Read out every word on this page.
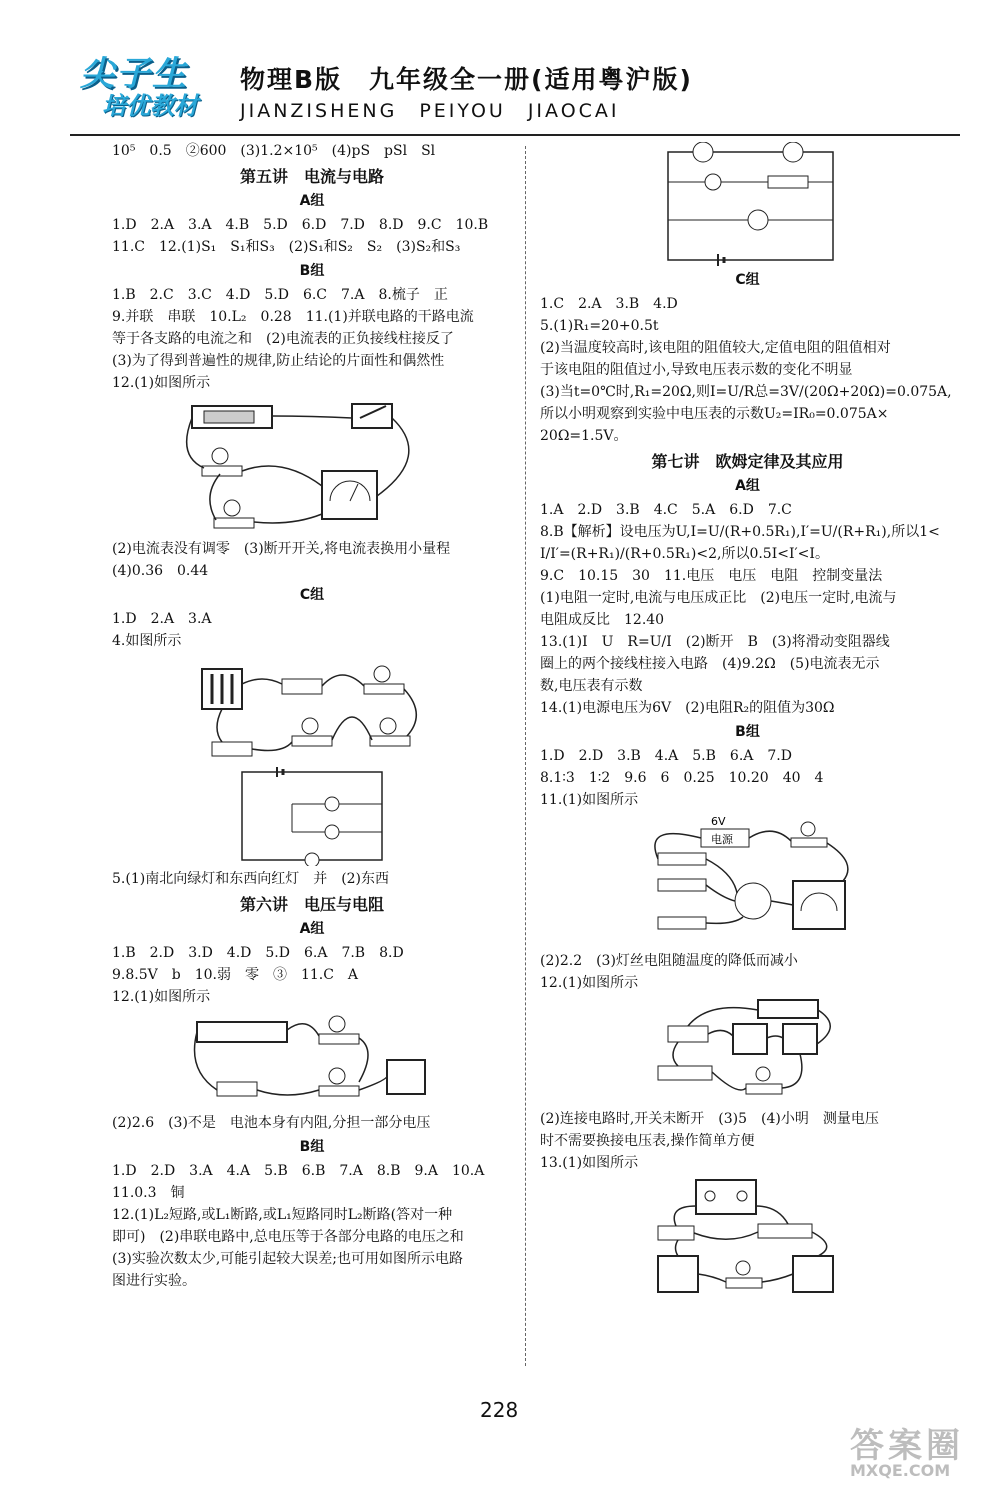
尖子生
培优教材
物理B版　九年级全一册(适用粤沪版)
JIANZISHENG　PEIYOU　JIAOCAI
10⁵　0.5　②600　(3)1.2×10⁵　(4)pS　pSl　Sl
第五讲　电流与电路
A组
1.D　2.A　3.A　4.B　5.D　6.D　7.D　8.D　9.C　10.B
11.C　12.(1)S₁　S₁和S₃　(2)S₁和S₂　S₂　(3)S₂和S₃
B组
1.B　2.C　3.C　4.D　5.D　6.C　7.A　8.梳子　正
9.并联　串联　10.L₂　0.28　11.(1)并联电路的干路电流
等于各支路的电流之和　(2)电流表的正负接线柱接反了
(3)为了得到普遍性的规律,防止结论的片面性和偶然性
12.(1)如图所示
(2)电流表没有调零　(3)断开开关,将电流表换用小量程
(4)0.36　0.44
C组
1.D　2.A　3.A
4.如图所示
5.(1)南北向绿灯和东西向红灯　并　(2)东西
第六讲　电压与电阻
A组
1.B　2.D　3.D　4.D　5.D　6.A　7.B　8.D
9.8.5V　b　10.弱　零　③　11.C　A
12.(1)如图所示
(2)2.6　(3)不是　电池本身有内阻,分担一部分电压
B组
1.D　2.D　3.A　4.A　5.B　6.B　7.A　8.B　9.A　10.A
11.0.3　铜
12.(1)L₂短路,或L₁断路,或L₁短路同时L₂断路(答对一种
即可)　(2)串联电路中,总电压等于各部分电路的电压之和
(3)实验次数太少,可能引起较大误差;也可用如图所示电路
图进行实验。
C组
1.C　2.A　3.B　4.D
5.(1)R₁=20+0.5t
(2)当温度较高时,该电阻的阻值较大,定值电阻的阻值相对
于该电阻的阻值过小,导致电压表示数的变化不明显
(3)当t=0℃时,R₁=20Ω,则I=U/R总=3V/(20Ω+20Ω)=0.075A,
所以小明观察到实验中电压表的示数U₂=IR₀=0.075A×
20Ω=1.5V。
第七讲　欧姆定律及其应用
A组
1.A　2.D　3.B　4.C　5.A　6.D　7.C
8.B【解析】设电压为U,I=U/(R+0.5R₁),I′=U/(R+R₁),所以1<
I/I′=(R+R₁)/(R+0.5R₁)<2,所以0.5I<I′<I。
9.C　10.15　30　11.电压　电压　电阻　控制变量法
(1)电阻一定时,电流与电压成正比　(2)电压一定时,电流与
电阻成反比　12.40
13.(1)I　U　R=U/I　(2)断开　B　(3)将滑动变阻器线
圈上的两个接线柱接入电路　(4)9.2Ω　(5)电流表无示
数,电压表有示数
14.(1)电源电压为6V　(2)电阻R₂的阻值为30Ω
B组
1.D　2.D　3.B　4.A　5.B　6.A　7.D
8.1∶3　1∶2　9.6　6　0.25　10.20　40　4
11.(1)如图所示
6V
电源
(2)2.2　(3)灯丝电阻随温度的降低而减小
12.(1)如图所示
(2)连接电路时,开关未断开　(3)5　(4)小明　测量电压
时不需要换接电压表,操作简单方便
13.(1)如图所示
228
答案圈
MXQE.COM
